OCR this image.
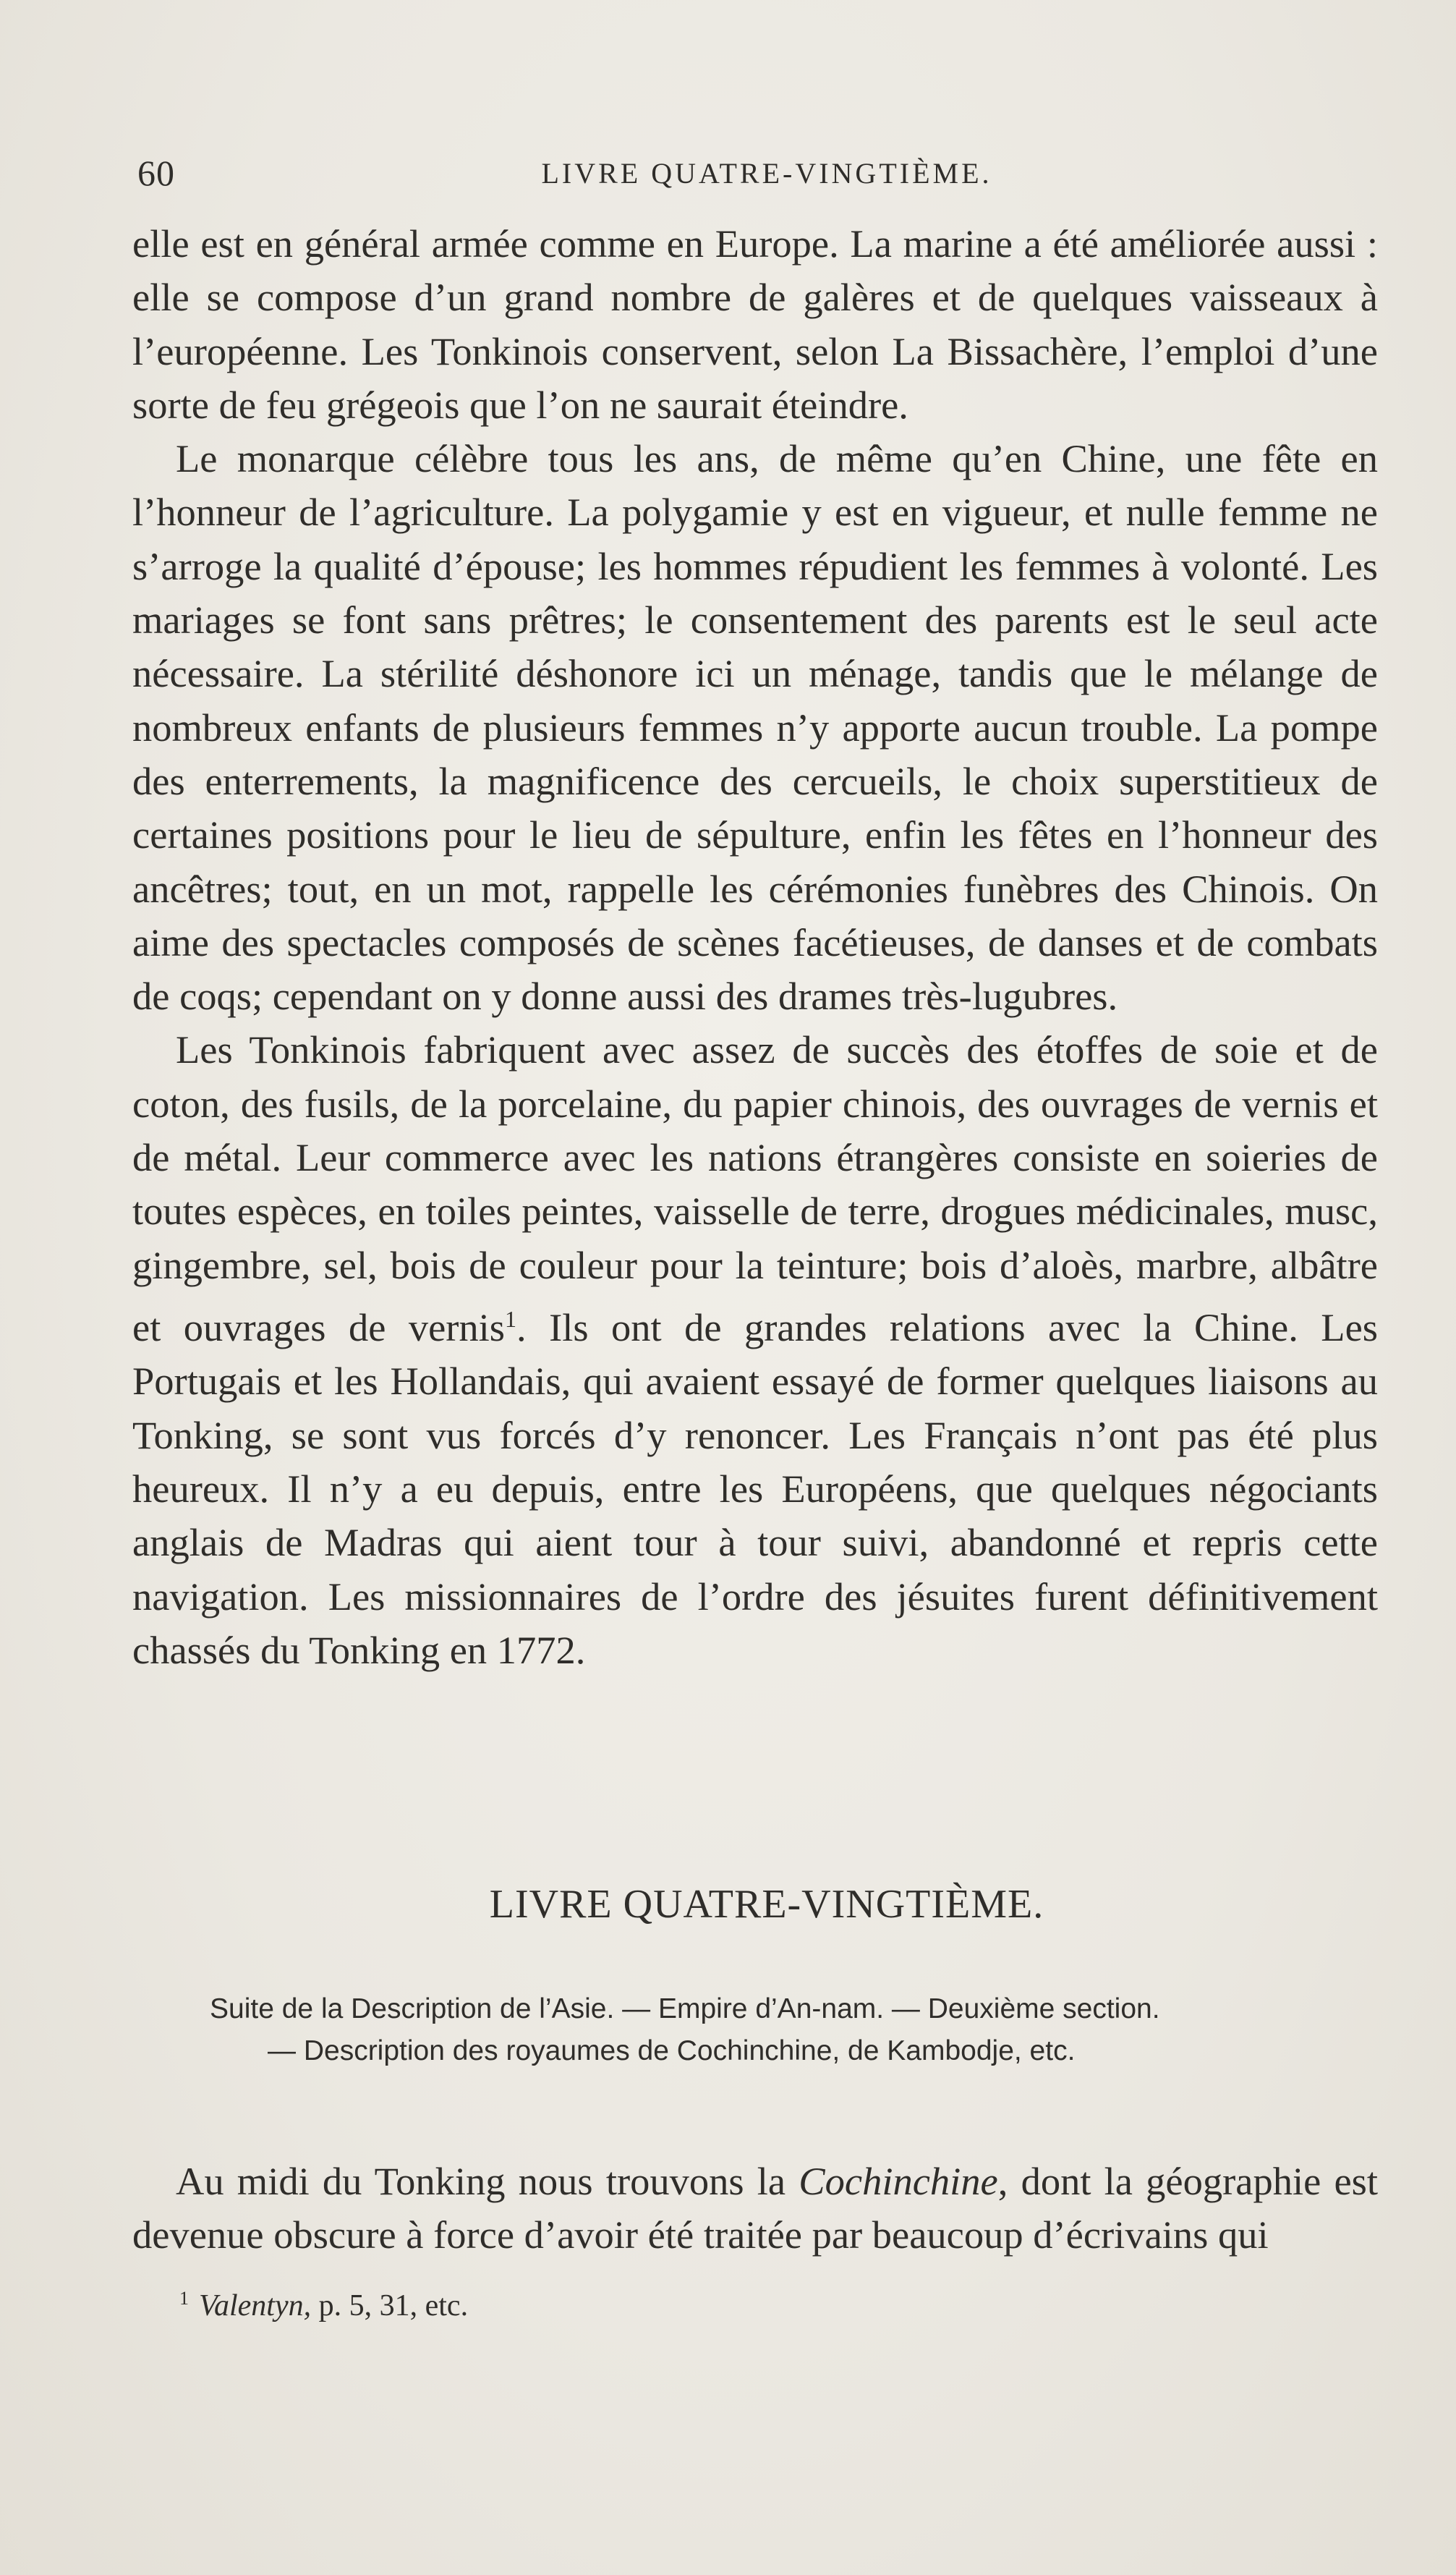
60	LIVRE QUATRE-VINGTIÈME.

elle est en général armée comme en Europe. La marine a été améliorée aussi : elle se compose d’un grand nombre de galères et de quelques vaisseaux à l’européenne. Les Tonkinois conservent, selon La Bissachère, l’emploi d’une sorte de feu grégeois que l’on ne saurait éteindre.

Le monarque célèbre tous les ans, de même qu’en Chine, une fête en l’honneur de l’agriculture. La polygamie y est en vigueur, et nulle femme ne s’arroge la qualité d’épouse; les hommes répudient les femmes à volonté. Les mariages se font sans prêtres; le consentement des parents est le seul acte nécessaire. La stérilité déshonore ici un ménage, tandis que le mélange de nombreux enfants de plusieurs femmes n’y apporte aucun trouble. La pompe des enterrements, la magnificence des cercueils, le choix superstitieux de certaines positions pour le lieu de sépulture, enfin les fêtes en l’honneur des ancêtres; tout, en un mot, rappelle les cérémonies funèbres des Chinois. On aime des spectacles composés de scènes facétieuses, de danses et de combats de coqs; cependant on y donne aussi des drames très-lugubres.

Les Tonkinois fabriquent avec assez de succès des étoffes de soie et de coton, des fusils, de la porcelaine, du papier chinois, des ouvrages de vernis et de métal. Leur commerce avec les nations étrangères consiste en soieries de toutes espèces, en toiles peintes, vaisselle de terre, drogues médicinales, musc, gingembre, sel, bois de couleur pour la teinture; bois d’aloès, marbre, albâtre et ouvrages de vernis$^1$. Ils ont de grandes relations avec la Chine. Les Portugais et les Hollandais, qui avaient essayé de former quelques liaisons au Tonking, se sont vus forcés d’y renoncer. Les Français n’ont pas été plus heureux. Il n’y a eu depuis, entre les Européens, que quelques négociants anglais de Madras qui aient tour à tour suivi, abandonné et repris cette navigation. Les missionnaires de l’ordre des jésuites furent définitivement chassés du Tonking en 1772.

LIVRE QUATRE-VINGTIÈME.
Suite de la Description de l’Asie. — Empire d’An-nam. — Deuxième section.
— Description des royaumes de Cochinchine, de Kambodje, etc.

Au midi du Tonking nous trouvons la Cochinchine, dont la géographie est devenue obscure à force d’avoir été traitée par beaucoup d’écrivains qui

$^1$ Valentyn, p. 5, 31, etc.
